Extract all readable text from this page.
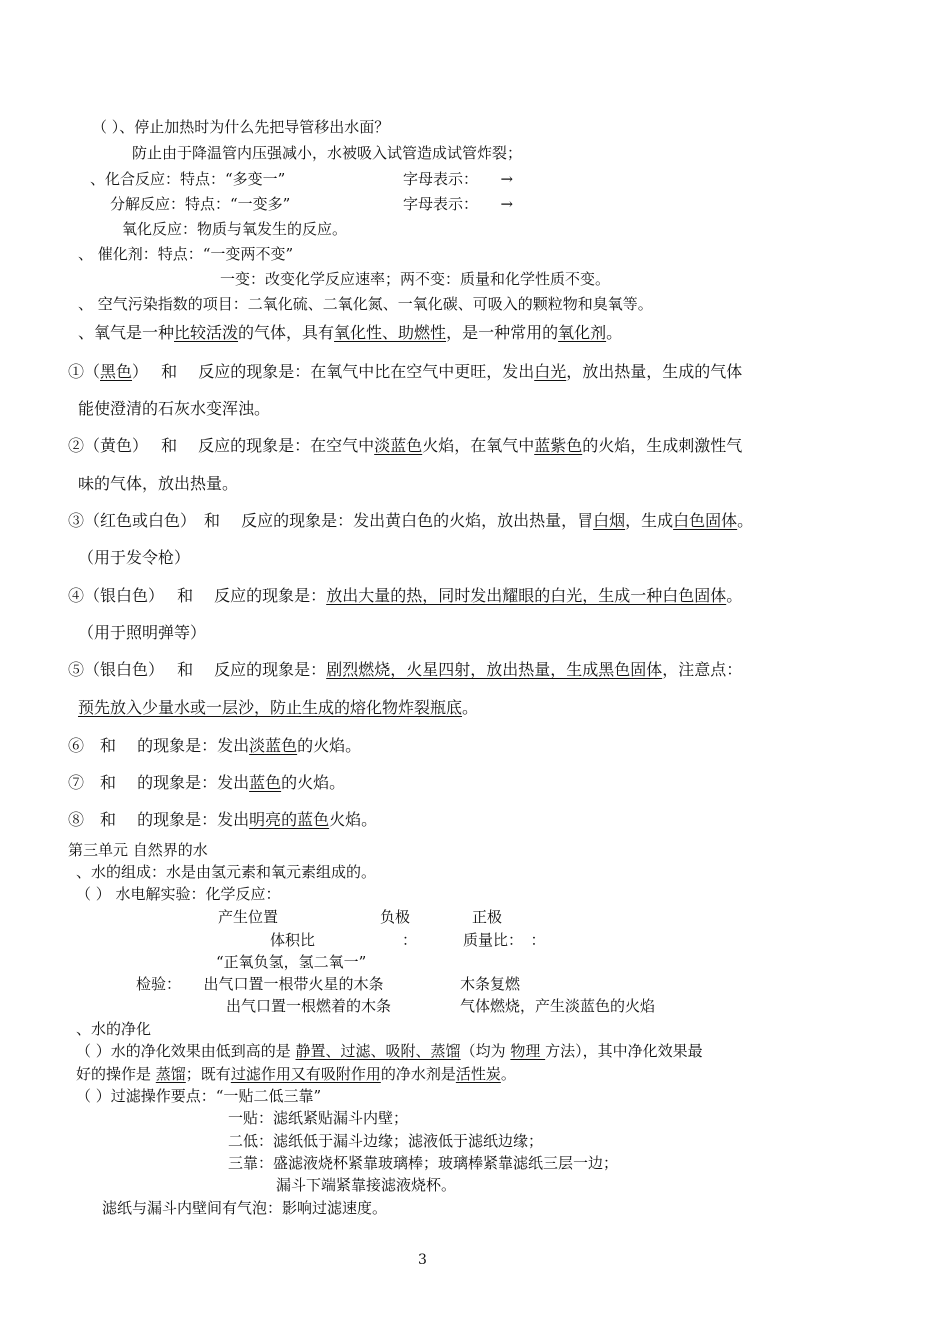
（ ）、停止加热时为什么先把导管移出水面？
防止由于降温管内压强减小，水被吸入试管造成试管炸裂；
、化合反应：特点：“多变一”	字母表示：　　→
分解反应：特点：“一变多”	字母表示：　　→
氧化反应：物质与氧发生的反应。
、 催化剂：特点：“一变两不变”
一变：改变化学反应速率；两不变：质量和化学性质不变。
、 空气污染指数的项目：二氧化硫、二氧化氮、一氧化碳、可吸入的颗粒物和臭氧等。
、氧气是一种比较活泼的气体，具有氧化性、助燃性，是一种常用的氧化剂。
①（黑色）　 和　 反应的现象是：在氧气中比在空气中更旺，发出白光，放出热量，生成的气体
能使澄清的石灰水变浑浊。
②（黄色）　 和　 反应的现象是：在空气中淡蓝色火焰，在氧气中蓝紫色的火焰，生成刺激性气
味的气体，放出热量。
③（红色或白色）　和　 反应的现象是：发出黄白色的火焰，放出热量，冒白烟，生成白色固体。
（用于发令枪）
④（银白色）　 和　 反应的现象是：放出大量的热，同时发出耀眼的白光，生成一种白色固体。
（用于照明弹等）
⑤（银白色）　 和　 反应的现象是：剧烈燃烧，火星四射，放出热量，生成黑色固体，注意点：
预先放入少量水或一层沙，防止生成的熔化物炸裂瓶底。
⑥　和　 的现象是：发出淡蓝色的火焰。
⑦　和　 的现象是：发出蓝色的火焰。
⑧　和　 的现象是：发出明亮的蓝色火焰。
第三单元 自然界的水
、水的组成：水是由氢元素和氧元素组成的。
（ ） 水电解实验：化学反应：
产生位置	负极	正极
体积比	：	质量比：　：
“正氧负氢，氢二氧一”
检验：　　出气口置一根带火星的木条	木条复燃
出气口置一根燃着的木条	气体燃烧，产生淡蓝色的火焰
、水的净化
（ ）水的净化效果由低到高的是 静置、过滤、吸附、蒸馏（均为 物理 方法），其中净化效果最
好的操作是 蒸馏；既有过滤作用又有吸附作用的净水剂是活性炭。
（ ）过滤操作要点：“一贴二低三靠”
一贴：滤纸紧贴漏斗内壁；
二低：滤纸低于漏斗边缘；滤液低于滤纸边缘；
三靠：盛滤液烧杯紧靠玻璃棒；玻璃棒紧靠滤纸三层一边；
漏斗下端紧靠接滤液烧杯。
滤纸与漏斗内壁间有气泡：影响过滤速度。
3
